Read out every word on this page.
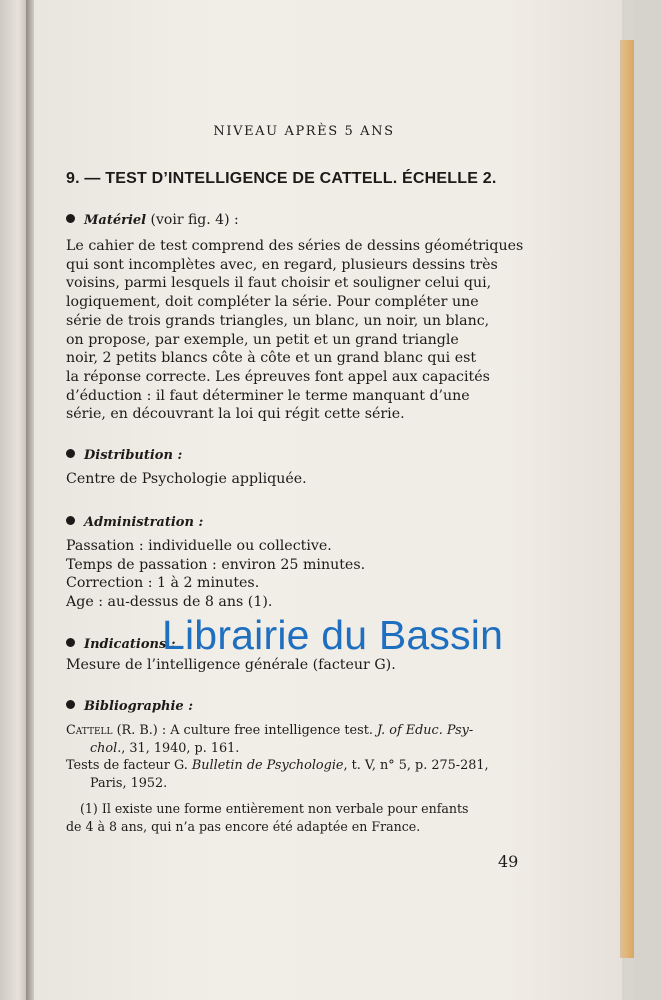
NIVEAU APRÈS 5 ANS
9. — TEST D’INTELLIGENCE DE CATTELL. ÉCHELLE 2.
Matériel (voir fig. 4) :
Le cahier de test comprend des séries de dessins géométriques
qui sont incomplètes avec, en regard, plusieurs dessins très
voisins, parmi lesquels il faut choisir et souligner celui qui,
logiquement, doit compléter la série. Pour compléter une
série de trois grands triangles, un blanc, un noir, un blanc,
on propose, par exemple, un petit et un grand triangle
noir, 2 petits blancs côte à côte et un grand blanc qui est
la réponse correcte. Les épreuves font appel aux capacités
d’éduction : il faut déterminer le terme manquant d’une
série, en découvrant la loi qui régit cette série.
Distribution :
Centre de Psychologie appliquée.
Administration :
Passation : individuelle ou collective.
Temps de passation : environ 25 minutes.
Correction : 1 à 2 minutes.
Age : au-dessus de 8 ans (1).
Indications :
Mesure de l’intelligence générale (facteur G).
Bibliographie :
Cattell (R. B.) : A culture free intelligence test. J. of Educ. Psy-
chol., 31, 1940, p. 161.
Tests de facteur G. Bulletin de Psychologie, t. V, n° 5, p. 275-281,
Paris, 1952.
(1) Il existe une forme entièrement non verbale pour enfants
de 4 à 8 ans, qui n’a pas encore été adaptée en France.
49
Librairie du Bassin
